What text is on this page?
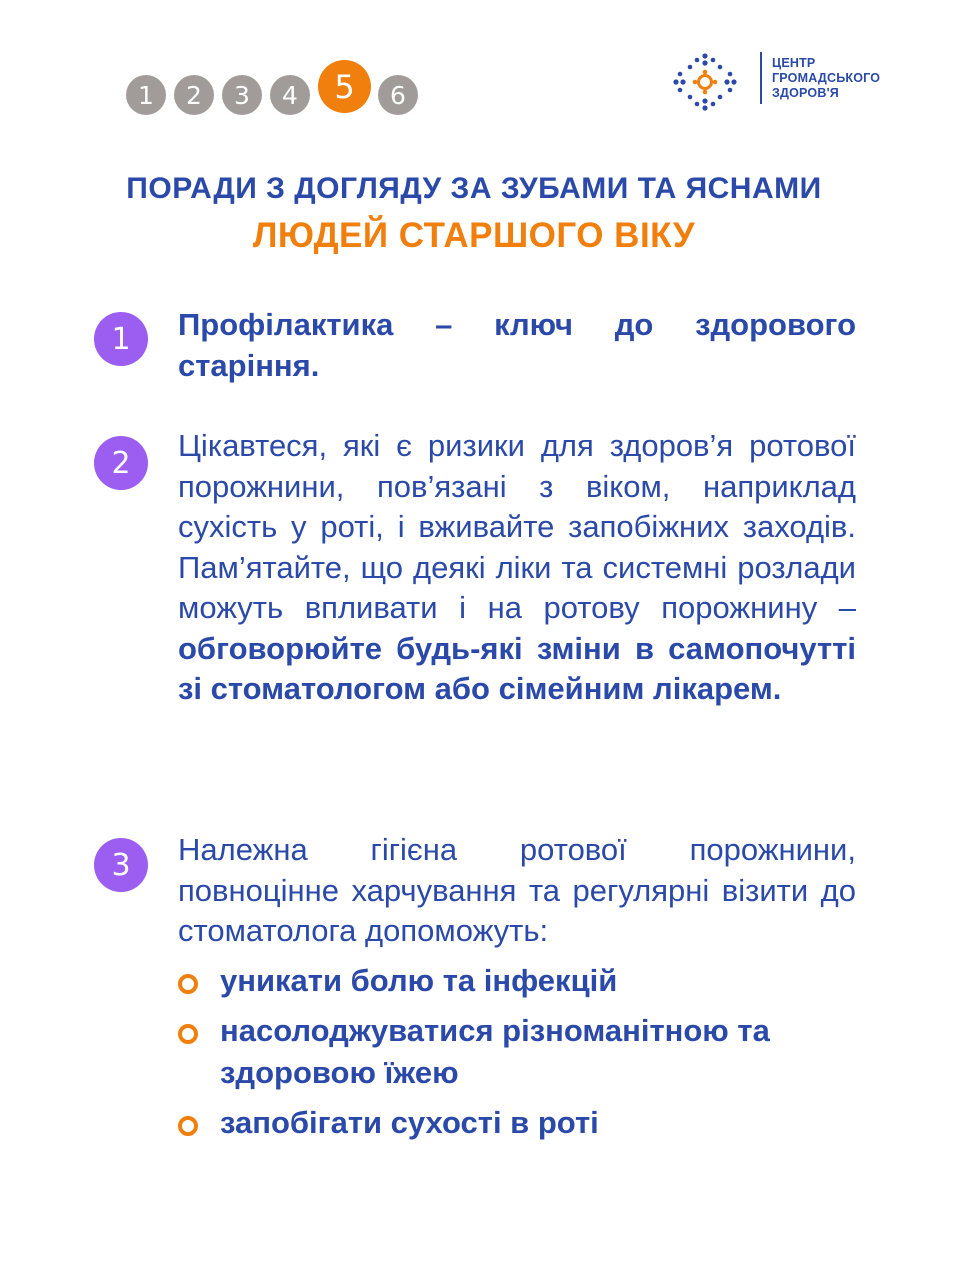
1	2	3	4	5	6
ЦЕНТР
ГРОМАДСЬКОГО
ЗДОРОВ'Я
ПОРАДИ З ДОГЛЯДУ ЗА ЗУБАМИ ТА ЯСНАМИ
ЛЮДЕЙ СТАРШОГО ВІКУ
1	Профілактика – ключ до здорового старіння.
2	Цікавтеся, які є ризики для здоров’я ротової порожнини, пов’язані з віком, наприклад сухість у роті, і вживайте запобіжних заходів. Пам’ятайте, що деякі ліки та системні розлади можуть впливати і на ротову порожнину – обговорюйте будь-які зміни в самопочутті зі стоматологом або сімейним лікарем.
3	Належна гігієна ротової порожнини, повноцінне харчування та регулярні візити до стоматолога допоможуть:
уникати болю та інфекцій
насолоджуватися різноманітною та здоровою їжею
запобігати сухості в роті
